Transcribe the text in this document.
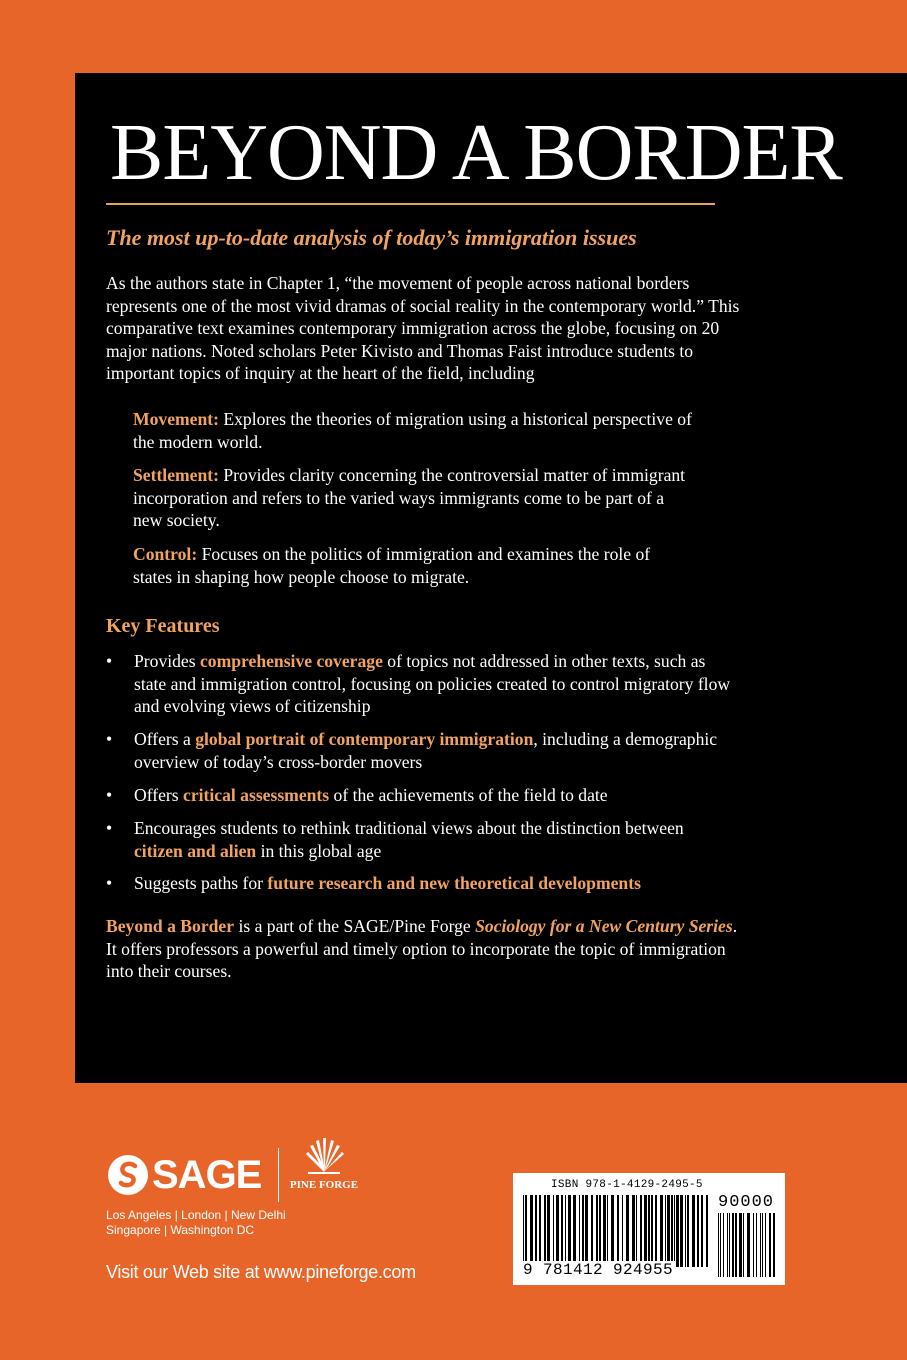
BEYOND A BORDER
The most up-to-date analysis of today’s immigration issues
As the authors state in Chapter 1, “the movement of people across national borders represents one of the most vivid dramas of social reality in the contemporary world.” This comparative text examines contemporary immigration across the globe, focusing on 20 major nations. Noted scholars Peter Kivisto and Thomas Faist introduce students to important topics of inquiry at the heart of the field, including
Movement: Explores the theories of migration using a historical perspective of the modern world.
Settlement: Provides clarity concerning the controversial matter of immigrant incorporation and refers to the varied ways immigrants come to be part of a new society.
Control: Focuses on the politics of immigration and examines the role of states in shaping how people choose to migrate.
Key Features
•	Provides comprehensive coverage of topics not addressed in other texts, such as state and immigration control, focusing on policies created to control migratory flow and evolving views of citizenship
•	Offers a global portrait of contemporary immigration, including a demographic overview of today’s cross-border movers
•	Offers critical assessments of the achievements of the field to date
•	Encourages students to rethink traditional views about the distinction between citizen and alien in this global age
•	Suggests paths for future research and new theoretical developments
Beyond a Border is a part of the SAGE/Pine Forge Sociology for a New Century Series. It offers professors a powerful and timely option to incorporate the topic of immigration into their courses.
SAGE	PINE FORGE
Los Angeles | London | New Delhi
Singapore | Washington DC
Visit our Web site at www.pineforge.com
ISBN 978-1-4129-2495-5
90000
9 781412 924955
